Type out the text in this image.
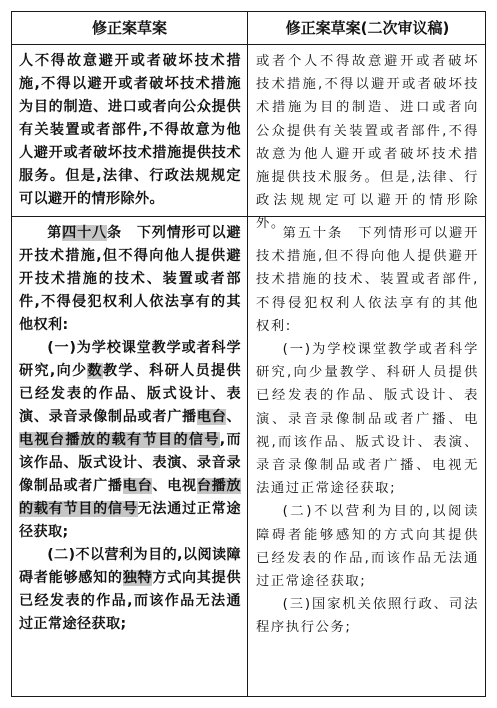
修正案草案	修正案草案(二次审议稿)

人不得故意避开或者破坏技术措施,不得以避开或者破坏技术措施为目的制造、进口或者向公众提供有关装置或者部件,不得故意为他人避开或者破坏技术措施提供技术服务。但是,法律、行政法规规定可以避开的情形除外。

或者个人不得故意避开或者破坏技术措施,不得以避开或者破坏技术措施为目的制造、进口或者向公众提供有关装置或者部件,不得故意为他人避开或者破坏技术措施提供技术服务。但是,法律、行政法规规定可以避开的情形除外。

第四十八条　下列情形可以避开技术措施,但不得向他人提供避开技术措施的技术、装置或者部件,不得侵犯权利人依法享有的其他权利:

(一)为学校课堂教学或者科学研究,向少数教学、科研人员提供已经发表的作品、版式设计、表演、录音录像制品或者广播电台、电视台播放的载有节目的信号,而该作品、版式设计、表演、录音录像制品或者广播电台、电视台播放的载有节目的信号无法通过正常途径获取;

(二)不以营利为目的,以阅读障碍者能够感知的独特方式向其提供已经发表的作品,而该作品无法通过正常途径获取;

第五十条　下列情形可以避开技术措施,但不得向他人提供避开技术措施的技术、装置或者部件,不得侵犯权利人依法享有的其他权利:

(一)为学校课堂教学或者科学研究,向少量教学、科研人员提供已经发表的作品、版式设计、表演、录音录像制品或者广播、电视,而该作品、版式设计、表演、录音录像制品或者广播、电视无法通过正常途径获取;

(二)不以营利为目的,以阅读障碍者能够感知的方式向其提供已经发表的作品,而该作品无法通过正常途径获取;

(三)国家机关依照行政、司法程序执行公务;
